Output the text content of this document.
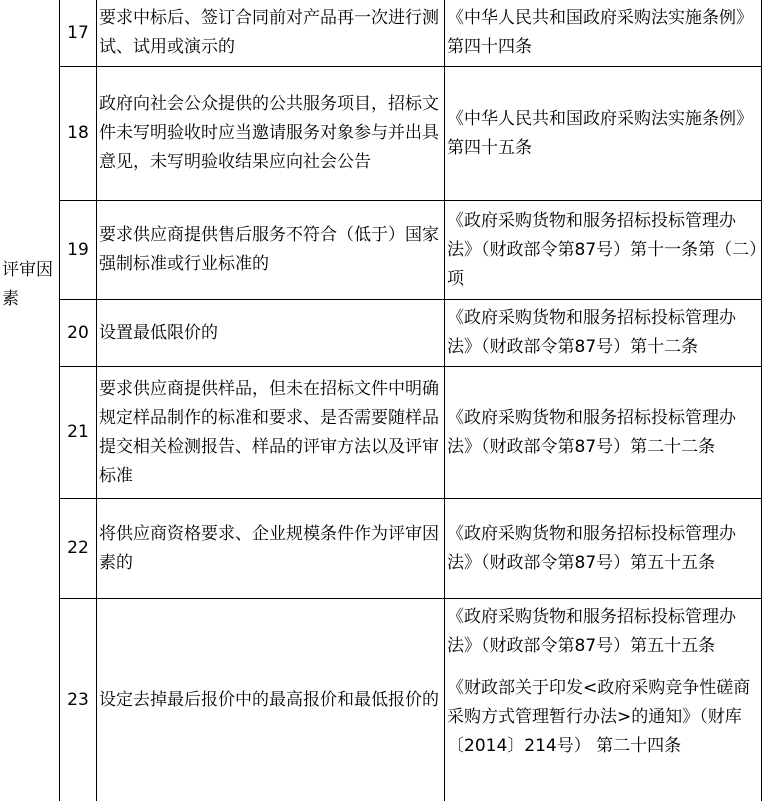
评审因素
17
要求中标后、签订合同前对产品再一次进行测试、试用或演示的
《中华人民共和国政府采购法实施条例》第四十四条
18
政府向社会公众提供的公共服务项目，招标文件未写明验收时应当邀请服务对象参与并出具意见，未写明验收结果应向社会公告
《中华人民共和国政府采购法实施条例》第四十五条
19
要求供应商提供售后服务不符合（低于）国家强制标准或行业标准的
《政府采购货物和服务招标投标管理办法》（财政部令第87号）第十一条第（二）项
20 设置最低限价的
《政府采购货物和服务招标投标管理办法》（财政部令第87号）第十二条
21
要求供应商提供样品，但未在招标文件中明确规定样品制作的标准和要求、是否需要随样品提交相关检测报告、样品的评审方法以及评审标准
《政府采购货物和服务招标投标管理办法》（财政部令第87号）第二十二条
22
将供应商资格要求、企业规模条件作为评审因素的
《政府采购货物和服务招标投标管理办法》（财政部令第87号）第五十五条
23 设定去掉最后报价中的最高报价和最低报价的
《政府采购货物和服务招标投标管理办法》（财政部令第87号）第五十五条
《财政部关于印发<政府采购竞争性磋商采购方式管理暂行办法>的通知》（财库〔2014〕214号） 第二十四条
